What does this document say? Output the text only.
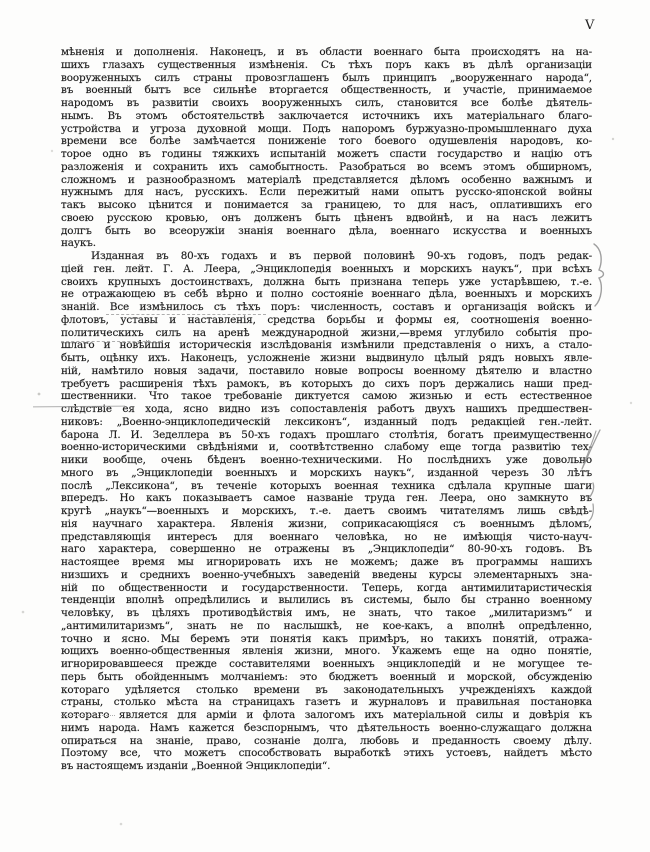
V
мѣненія и дополненія. Наконецъ, и въ области военнаго быта происходятъ на на-
шихъ глазахъ существенныя измѣненія. Съ тѣхъ поръ какъ въ дѣлѣ организаціи
вооруженныхъ силъ страны провозглашенъ былъ принципъ „вооруженнаго народа“,
въ военный бытъ все сильнѣе вторгается общественность, и участіе, принимаемое
народомъ въ развитіи своихъ вооруженныхъ силъ, становится все болѣе дѣятель-
нымъ. Въ этомъ обстоятельствѣ заключается источникъ ихъ матеріальнаго благо-
устройства и угроза духовной мощи. Подъ напоромъ буржуазно-промышленнаго духа
времени все болѣе замѣчается пониженіе того боевого одушевленія народовъ, ко-
торое одно въ годины тяжкихъ испытаній можетъ спасти государство и націю отъ
разложенія и сохранить ихъ самобытность. Разобраться во всемъ этомъ обширномъ,
сложномъ и разнообразномъ матеріалѣ представляется дѣломъ особенно важнымъ и
нужнымъ для насъ, русскихъ. Если пережитый нами опытъ русско-японской войны
такъ высоко цѣнится и понимается за границею, то для насъ, оплатившихъ его
своею русскою кровью, онъ долженъ быть цѣненъ вдвойнѣ, и на насъ лежитъ
долгъ быть во всеоружіи знанія военнаго дѣла, военнаго искусства и военныхъ
наукъ.
Изданная въ 80-хъ годахъ и въ первой половинѣ 90-хъ годовъ, подъ редак-
ціей ген. лейт. Г. А. Леера, „Энциклопедія военныхъ и морскихъ наукъ“, при всѣхъ
своихъ крупныхъ достоинствахъ, должна быть признана теперь уже устарѣвшею, т.-е.
не отражающею въ себѣ вѣрно и полно состояніе военнаго дѣла, военныхъ и морскихъ
знаній. Все измѣнилось съ тѣхъ поръ: численность, составъ и организація войскъ и
флотовъ, уставы и наставленія, средства борьбы и формы ея, соотношенія военно-
политическихъ силъ на аренѣ международной жизни,—время углубило событія про-
шлаго и новѣйшія историческія изслѣдованія измѣнили представленія о нихъ, а стало-
быть, оцѣнку ихъ. Наконецъ, усложненіе жизни выдвинуло цѣлый рядъ новыхъ явле-
ній, намѣтило новыя задачи, поставило новые вопросы военному дѣятелю и властно
требуетъ расширенія тѣхъ рамокъ, въ которыхъ до сихъ поръ держались наши пред-
шественники. Что такое требованіе диктуется самою жизнью и есть естественное
слѣдствіе ея хода, ясно видно изъ сопоставленія работъ двухъ нашихъ предшествен-
никовъ: „Военно-энциклопедическій лексиконъ“, изданный подъ редакціей ген.-лейт.
барона Л. И. Зеделлера въ 50-хъ годахъ прошлаго столѣтія, богатъ преимущественно
военно-историческими свѣдѣніями и, соотвѣтственно слабому еще тогда развитію тех-
ники вообще, очень бѣденъ военно-техническими. Но послѣднихъ уже довольно
много въ „Энциклопедіи военныхъ и морскихъ наукъ“, изданной черезъ 30 лѣтъ
послѣ „Лексикона“, въ теченіе которыхъ военная техника сдѣлала крупные шаги
впередъ. Но какъ показываетъ самое названіе труда ген. Леера, оно замкнуто въ
кругѣ „наукъ“—военныхъ и морскихъ, т.-е. даетъ своимъ читателямъ лишь свѣдѣ-
нія научнаго характера. Явленія жизни, соприкасающіяся съ военнымъ дѣломъ,
представляющія интересъ для военнаго человѣка, но не имѣющія чисто-науч-
наго характера, совершенно не отражены въ „Энциклопедіи“ 80-90-хъ годовъ. Въ
настоящее время мы игнорировать ихъ не можемъ; даже въ программы нашихъ
низшихъ и среднихъ военно-учебныхъ заведеній введены курсы элементарныхъ зна-
ній по общественности и государственности. Теперь, когда антимилитаристическія
тенденціи вполнѣ опредѣлились и вылились въ системы, было бы странно военному
человѣку, въ цѣляхъ противодѣйствія имъ, не знать, что такое „милитаризмъ“ и
„антимилитаризмъ“, знать не по наслышкѣ, не кое-какъ, а вполнѣ опредѣленно,
точно и ясно. Мы беремъ эти понятія какъ примѣръ, но такихъ понятій, отража-
ющихъ военно-общественныя явленія жизни, много. Укажемъ еще на одно понятіе,
игнорировавшееся прежде составителями военныхъ энциклопедій и не могущее те-
перь быть обойденнымъ молчаніемъ: это бюджетъ военный и морской, обсужденію
котораго удѣляется столько времени въ законодательныхъ учрежденіяхъ каждой
страны, столько мѣста на страницахъ газетъ и журналовъ и правильная постановка
котораго является для арміи и флота залогомъ ихъ матеріальной силы и довѣрія къ
нимъ народа. Намъ кажется безспорнымъ, что дѣятельность военно-служащаго должна
опираться на знаніе, право, сознаніе долга, любовь и преданность своему дѣлу.
Поэтому все, что можетъ способствовать выработкѣ этихъ устоевъ, найдетъ мѣсто
въ настоящемъ изданіи „Военной Энциклопедіи“.
